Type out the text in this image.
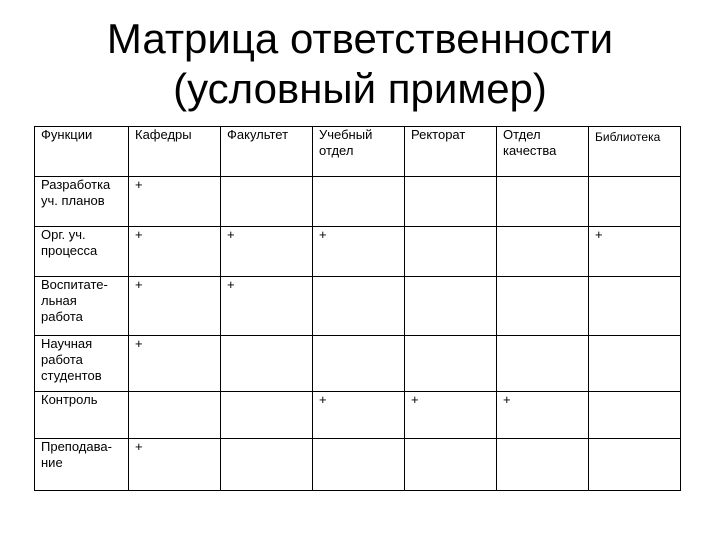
Матрица ответственности
(условный пример)
Функции	Кафедры	Факультет	Учебный отдел	Ректорат	Отдел качества	Библиотека
Разработка уч. планов	+					
Орг. уч. процесса	+	+	+			+
Воспитате-льная работа	+	+				
Научная работа студентов	+					
Контроль			+	+	+	
Преподава-ние	+					
